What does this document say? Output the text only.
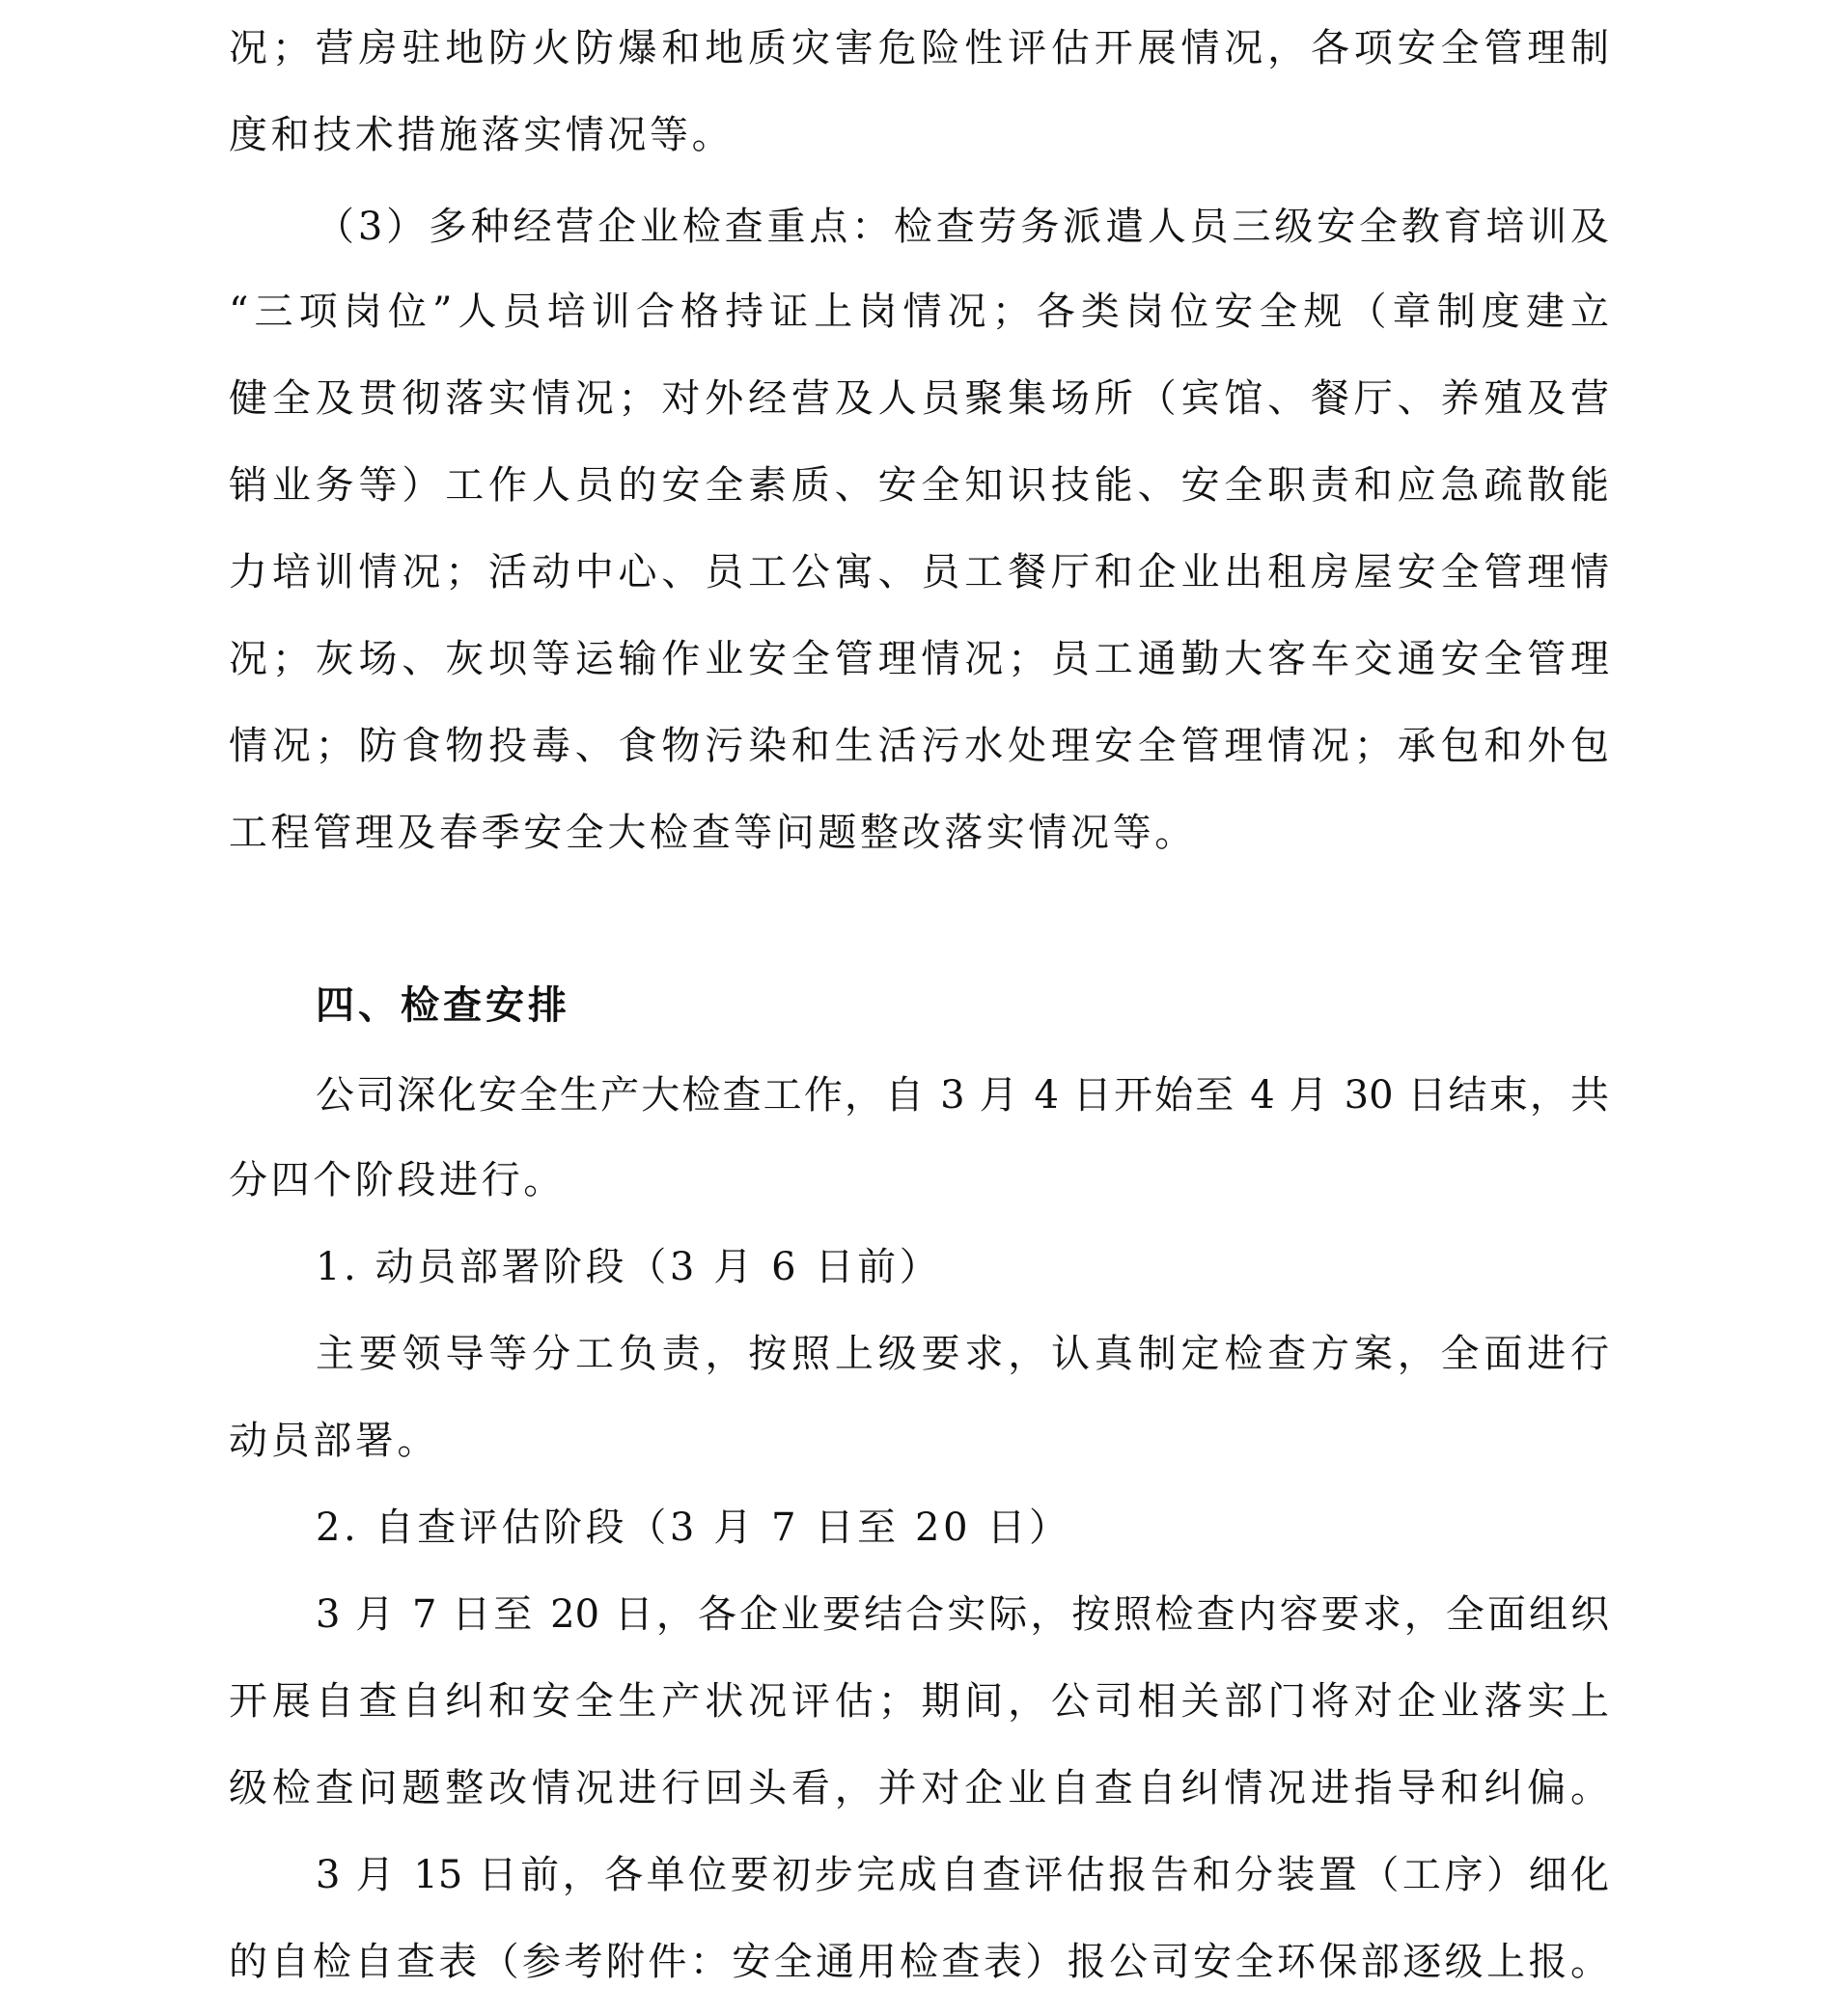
况；营房驻地防火防爆和地质灾害危险性评估开展情况，各项安全管理制
度和技术措施落实情况等。
（3）多种经营企业检查重点：检查劳务派遣人员三级安全教育培训及
“三项岗位”人员培训合格持证上岗情况；各类岗位安全规（章制度建立
健全及贯彻落实情况；对外经营及人员聚集场所（宾馆、餐厅、养殖及营
销业务等）工作人员的安全素质、安全知识技能、安全职责和应急疏散能
力培训情况；活动中心、员工公寓、员工餐厅和企业出租房屋安全管理情
况；灰场、灰坝等运输作业安全管理情况；员工通勤大客车交通安全管理
情况；防食物投毒、食物污染和生活污水处理安全管理情况；承包和外包
工程管理及春季安全大检查等问题整改落实情况等。
四、检查安排
公司深化安全生产大检查工作，自 3 月 4 日开始至 4 月 30 日结束，共
分四个阶段进行。
1. 动员部署阶段（3 月 6 日前）
主要领导等分工负责，按照上级要求，认真制定检查方案，全面进行
动员部署。
2. 自查评估阶段（3 月 7 日至 20 日）
3 月 7 日至 20 日，各企业要结合实际，按照检查内容要求，全面组织
开展自查自纠和安全生产状况评估；期间，公司相关部门将对企业落实上
级检查问题整改情况进行回头看，并对企业自查自纠情况进指导和纠偏。
3 月 15 日前，各单位要初步完成自查评估报告和分装置（工序）细化
的自检自查表（参考附件：安全通用检查表）报公司安全环保部逐级上报。
